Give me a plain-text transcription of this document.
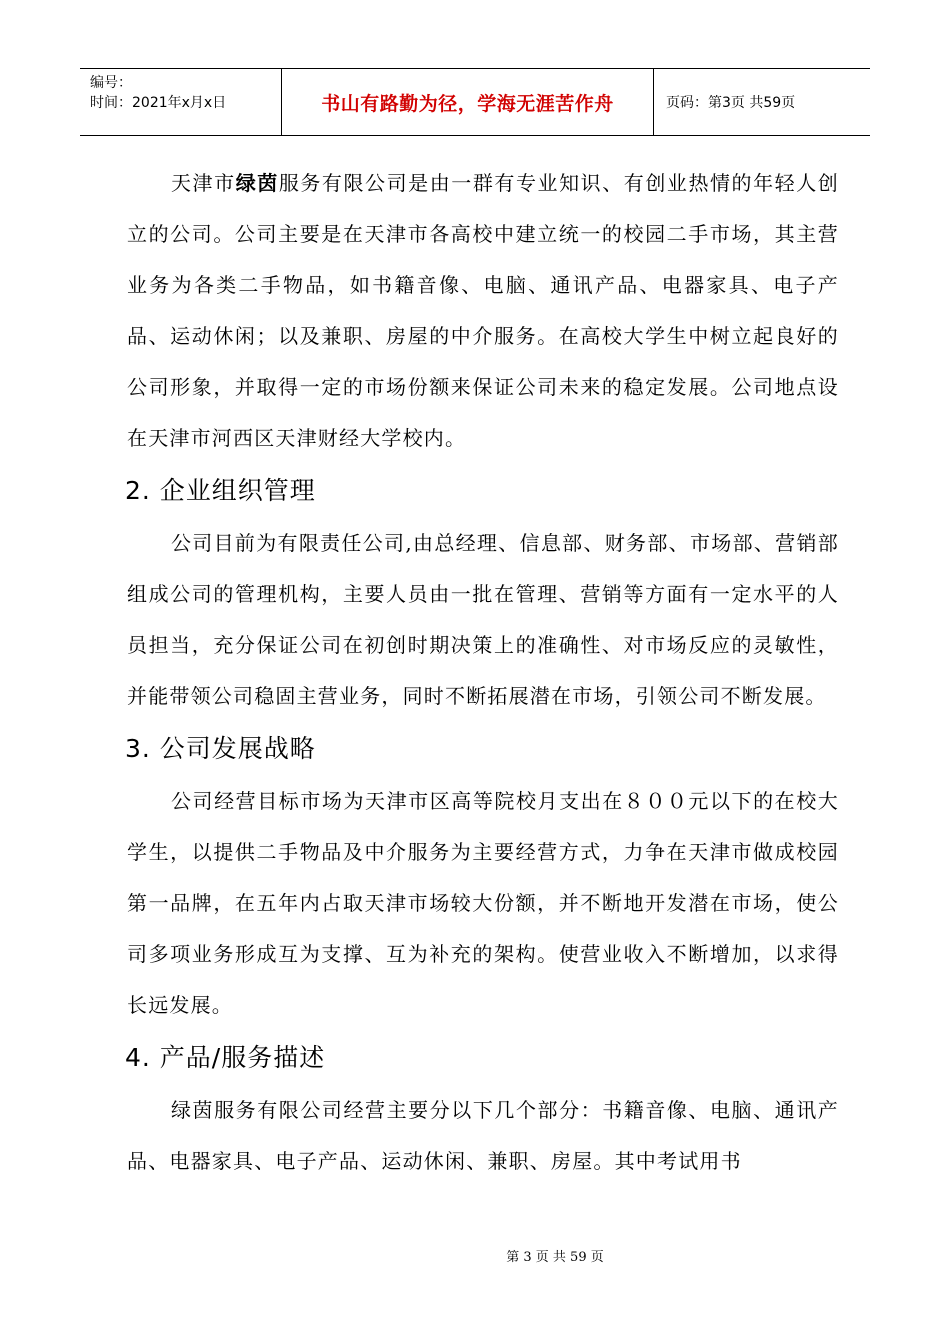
编号：
时间：2021年x月x日	书山有路勤为径，学海无涯苦作舟	页码：第3页 共59页

天津市绿茵服务有限公司是由一群有专业知识、有创业热情的年轻人创立的公司。公司主要是在天津市各高校中建立统一的校园二手市场，其主营业务为各类二手物品，如书籍音像、电脑、通讯产品、电器家具、电子产品、运动休闲；以及兼职、房屋的中介服务。在高校大学生中树立起良好的公司形象，并取得一定的市场份额来保证公司未来的稳定发展。公司地点设在天津市河西区天津财经大学校内。

2. 企业组织管理

公司目前为有限责任公司,由总经理、信息部、财务部、市场部、营销部组成公司的管理机构，主要人员由一批在管理、营销等方面有一定水平的人员担当，充分保证公司在初创时期决策上的准确性、对市场反应的灵敏性，并能带领公司稳固主营业务，同时不断拓展潜在市场，引领公司不断发展。

3. 公司发展战略

公司经营目标市场为天津市区高等院校月支出在８００元以下的在校大学生，以提供二手物品及中介服务为主要经营方式，力争在天津市做成校园第一品牌，在五年内占取天津市场较大份额，并不断地开发潜在市场，使公司多项业务形成互为支撑、互为补充的架构。使营业收入不断增加，以求得长远发展。

4. 产品/服务描述

绿茵服务有限公司经营主要分以下几个部分：书籍音像、电脑、通讯产品、电器家具、电子产品、运动休闲、兼职、房屋。其中考试用书

第 3 页 共 59 页
